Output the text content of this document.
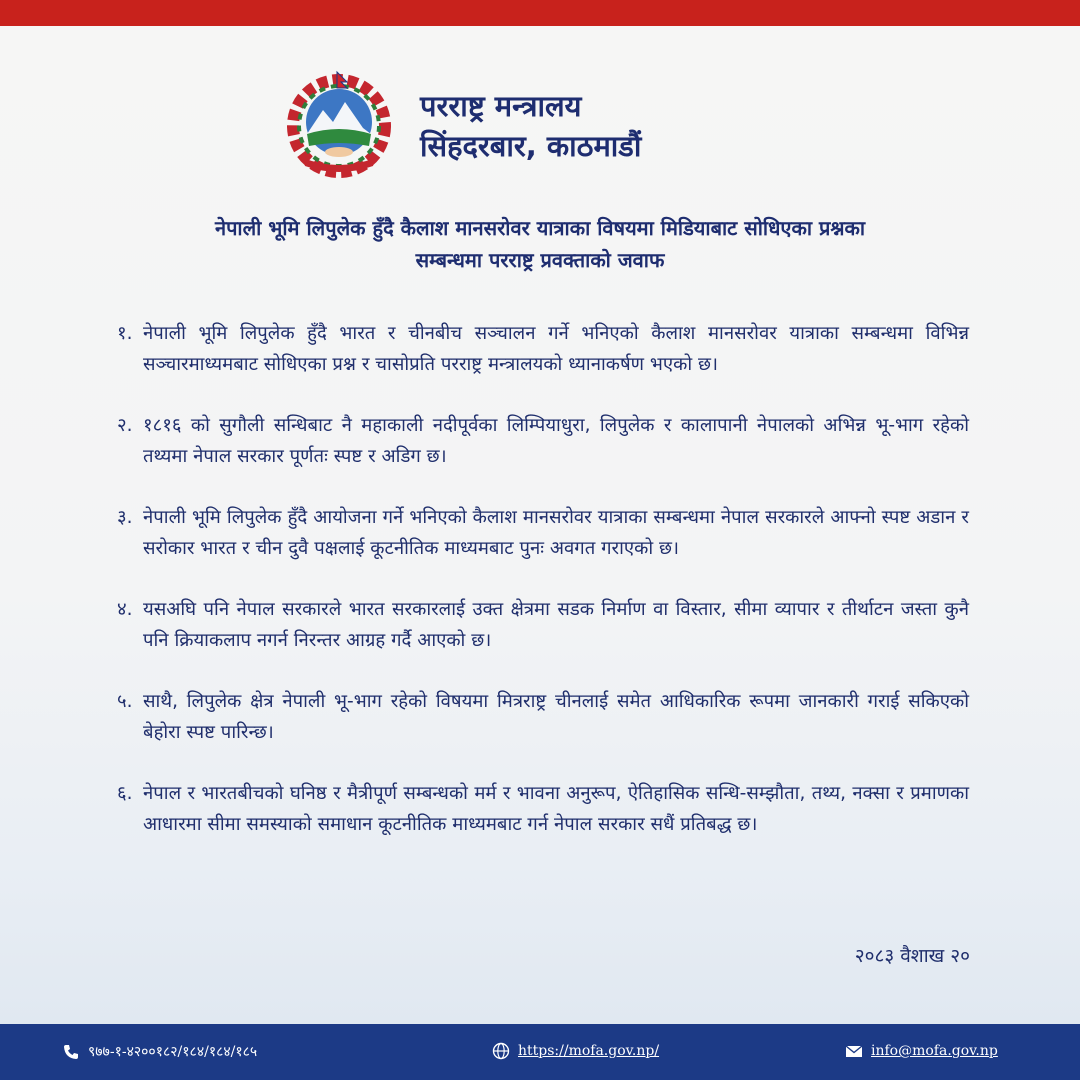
परराष्ट्र मन्त्रालय
सिंहदरबार, काठमाडौं
नेपाली भूमि लिपुलेक हुँदै कैलाश मानसरोवर यात्राका विषयमा मिडियाबाट सोधिएका प्रश्नका
सम्बन्धमा परराष्ट्र प्रवक्ताको जवाफ
१. नेपाली भूमि लिपुलेक हुँदै भारत र चीनबीच सञ्चालन गर्ने भनिएको कैलाश मानसरोवर यात्राका सम्बन्धमा विभिन्न सञ्चारमाध्यमबाट सोधिएका प्रश्न र चासोप्रति परराष्ट्र मन्त्रालयको ध्यानाकर्षण भएको छ।
२. १८१६ को सुगौली सन्धिबाट नै महाकाली नदीपूर्वका लिम्पियाधुरा, लिपुलेक र कालापानी नेपालको अभिन्न भू-भाग रहेको तथ्यमा नेपाल सरकार पूर्णतः स्पष्ट र अडिग छ।
३. नेपाली भूमि लिपुलेक हुँदै आयोजना गर्ने भनिएको कैलाश मानसरोवर यात्राका सम्बन्धमा नेपाल सरकारले आफ्नो स्पष्ट अडान र सरोकार भारत र चीन दुवै पक्षलाई कूटनीतिक माध्यमबाट पुनः अवगत गराएको छ।
४. यसअघि पनि नेपाल सरकारले भारत सरकारलाई उक्त क्षेत्रमा सडक निर्माण वा विस्तार, सीमा व्यापार र तीर्थाटन जस्ता कुनै पनि क्रियाकलाप नगर्न निरन्तर आग्रह गर्दै आएको छ।
५. साथै, लिपुलेक क्षेत्र नेपाली भू-भाग रहेको विषयमा मित्रराष्ट्र चीनलाई समेत आधिकारिक रूपमा जानकारी गराई सकिएको बेहोरा स्पष्ट पारिन्छ।
६. नेपाल र भारतबीचको घनिष्ठ र मैत्रीपूर्ण सम्बन्धको मर्म र भावना अनुरूप, ऐतिहासिक सन्धि-सम्झौता, तथ्य, नक्सा र प्रमाणका आधारमा सीमा समस्याको समाधान कूटनीतिक माध्यमबाट गर्न नेपाल सरकार सधैं प्रतिबद्ध छ।
२०८३ वैशाख २०
९७७-१-४२००१८२/१८४/१८४/१८५	https://mofa.gov.np/	info@mofa.gov.np
